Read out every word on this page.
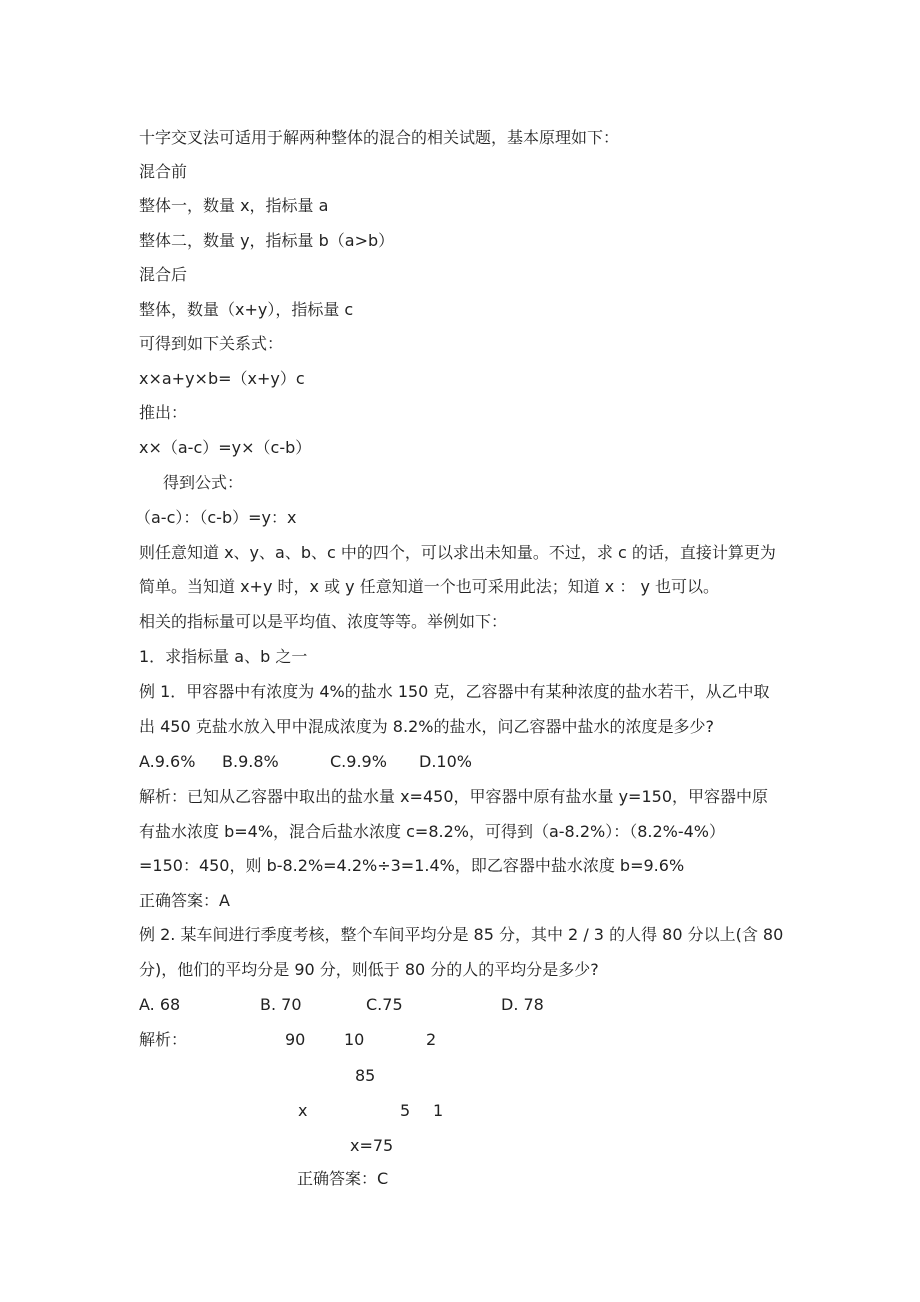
十字交叉法可适用于解两种整体的混合的相关试题，基本原理如下：
混合前
整体一，数量 x，指标量 a
整体二，数量 y，指标量 b（a>b）
混合后
整体，数量（x+y），指标量 c
可得到如下关系式：
x×a+y×b=（x+y）c
推出：
x×（a-c）=y×（c-b）
得到公式：
（a-c）：（c-b）=y：x
则任意知道 x、y、a、b、c 中的四个，可以求出未知量。不过，求 c 的话，直接计算更为
简单。当知道 x+y 时，x 或 y 任意知道一个也可采用此法；知道 x ： y 也可以。
相关的指标量可以是平均值、浓度等等。举例如下：
1．求指标量 a、b 之一
例 1．甲容器中有浓度为 4%的盐水 150 克，乙容器中有某种浓度的盐水若干，从乙中取
出 450 克盐水放入甲中混成浓度为 8.2%的盐水，问乙容器中盐水的浓度是多少?
A.9.6% B.9.8%	C.9.9% D.10%
解析：已知从乙容器中取出的盐水量 x=450，甲容器中原有盐水量 y=150，甲容器中原
有盐水浓度 b=4%，混合后盐水浓度 c=8.2%，可得到（a-8.2%）：（8.2%-4%）
=150：450，则 b-8.2%=4.2%÷3=1.4%，即乙容器中盐水浓度 b=9.6%
正确答案：A
例 2. 某车间进行季度考核，整个车间平均分是 85 分，其中 2 / 3 的人得 80 分以上(含 80
分)，他们的平均分是 90 分，则低于 80 分的人的平均分是多少?
A. 68	B. 70	C.75	D. 78
解析：	90 10	2
85
x	5 1
x=75
正确答案：C
